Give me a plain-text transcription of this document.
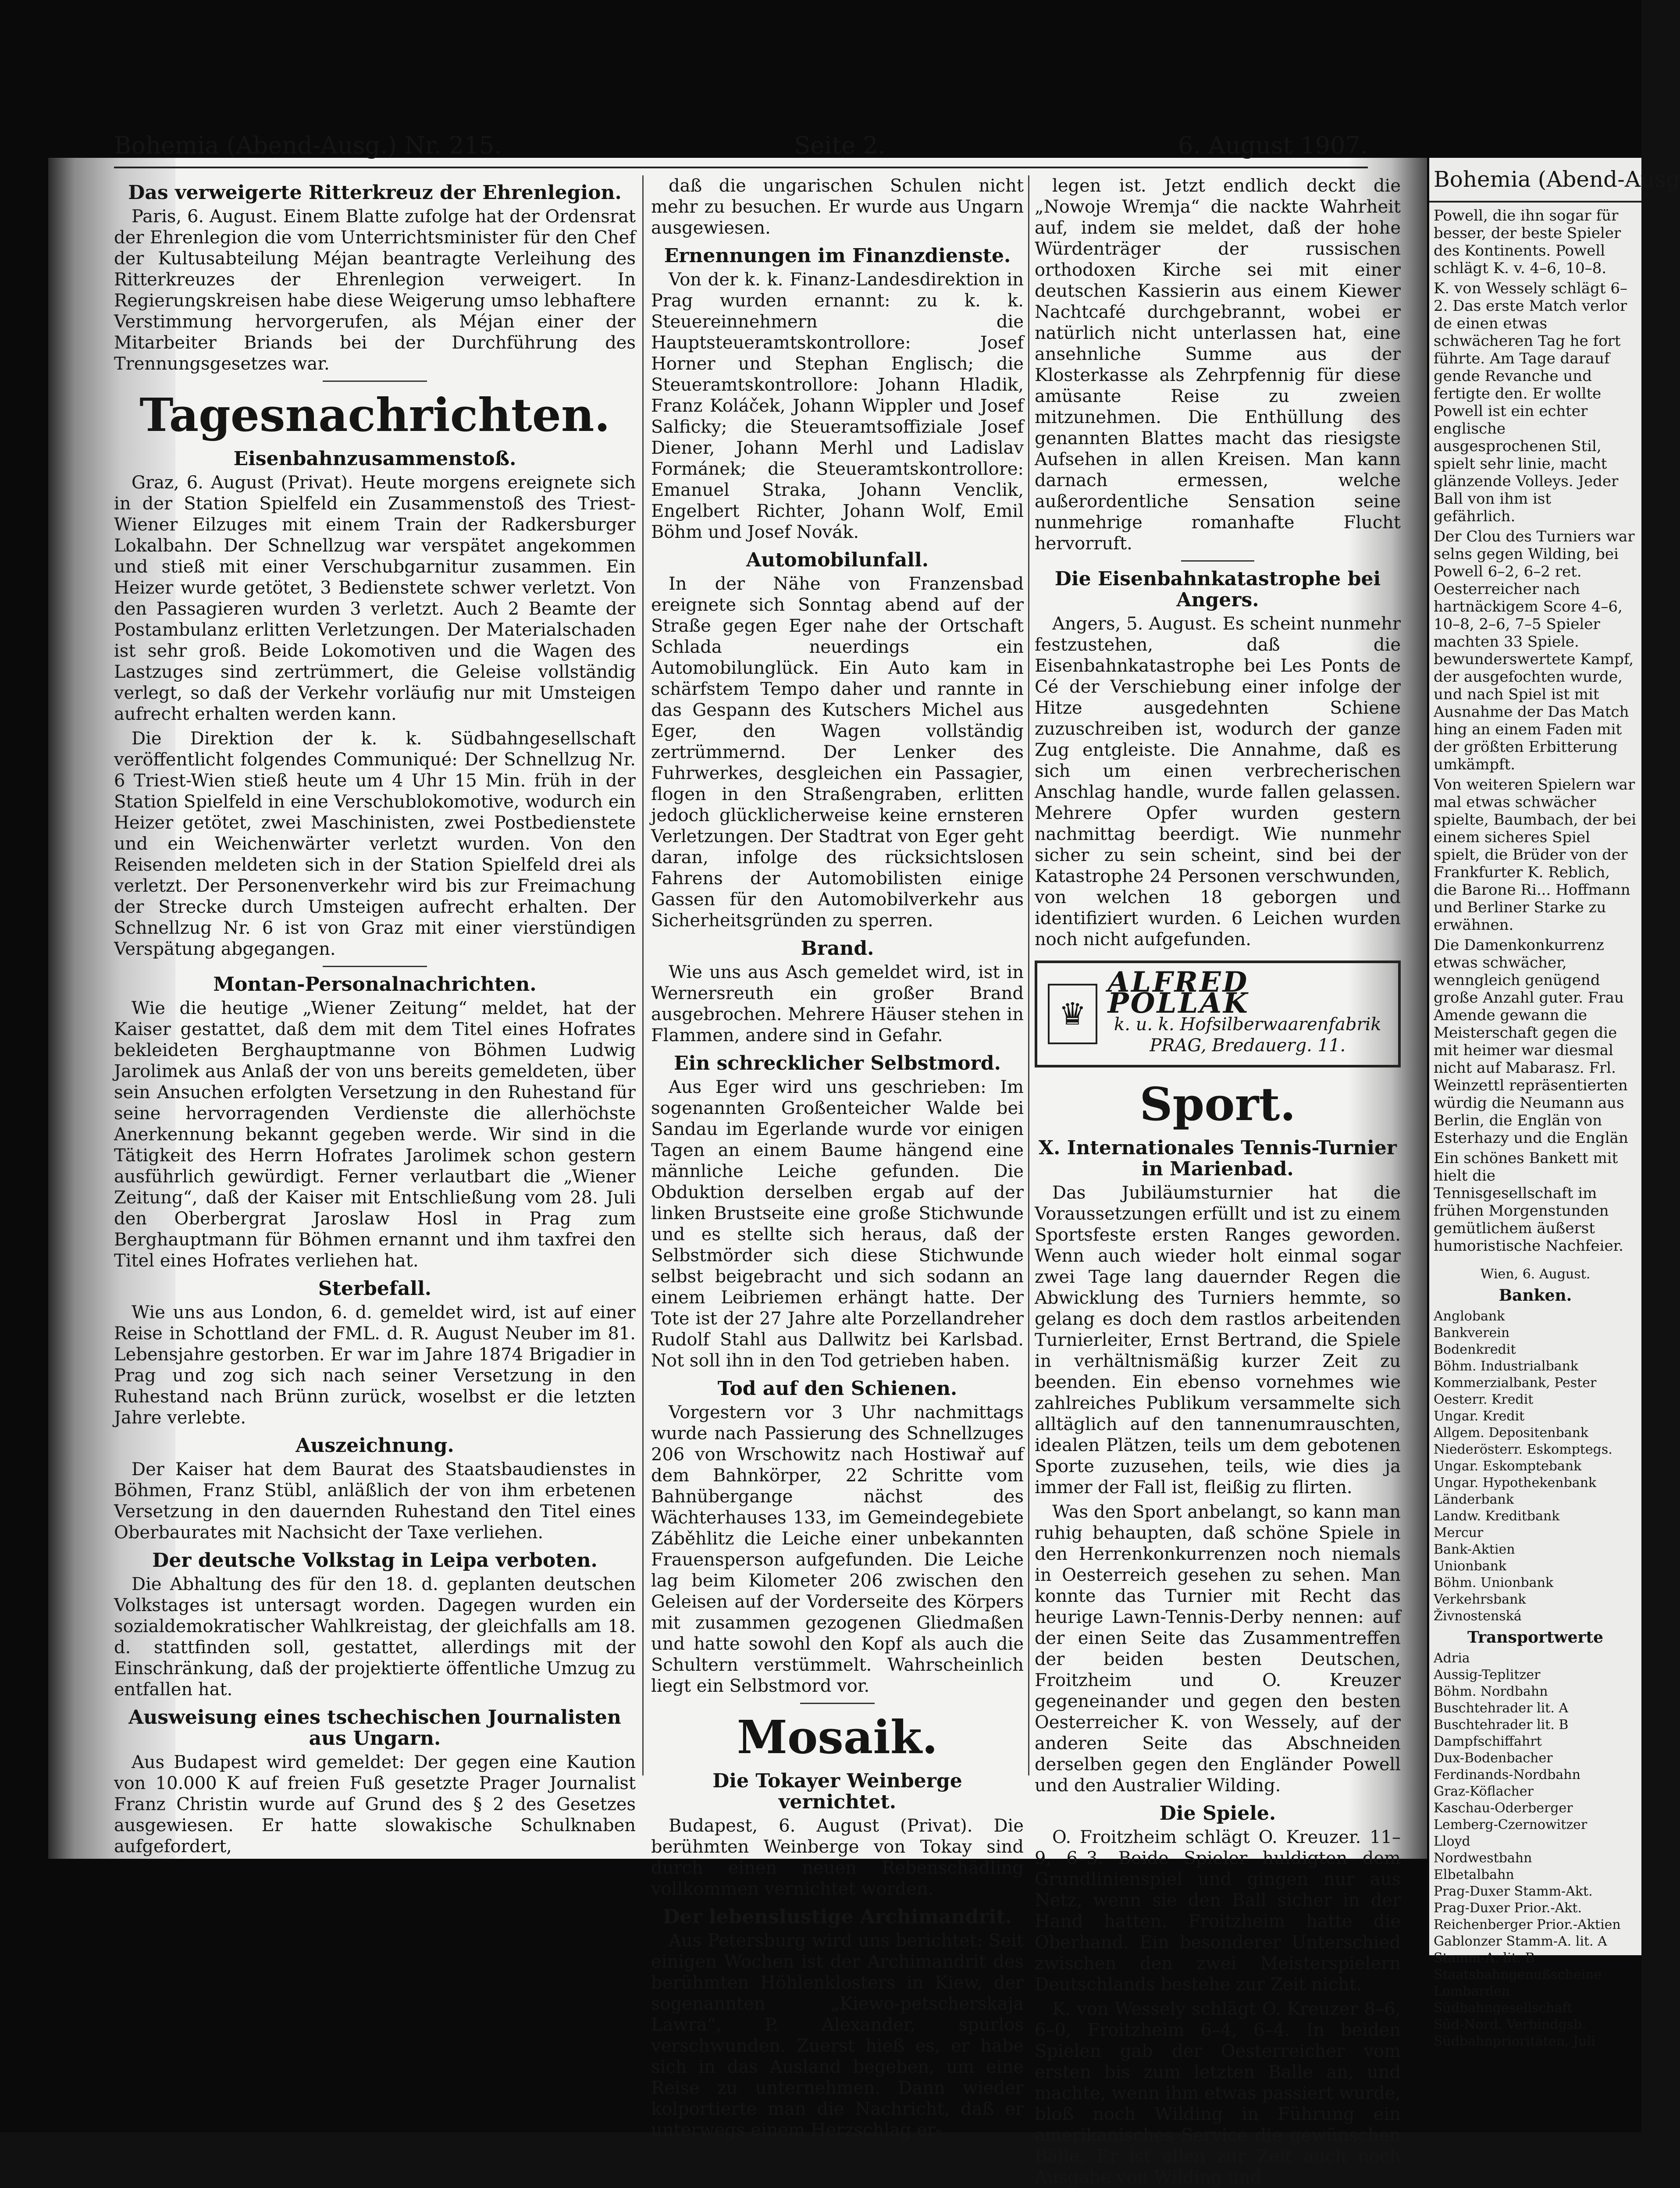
Bohemia (Abend-Ausg.) Nr. 215.	Seite 2.	6. August 1907.
Das verweigerte Ritterkreuz der Ehrenlegion.

Paris, 6. August. Einem Blatte zufolge hat der Ordensrat der Ehrenlegion die vom Unterrichtsminister für den Chef der Kultusabteilung Méjan beantragte Verleihung des Ritterkreuzes der Ehrenlegion verweigert. In Regierungskreisen habe diese Weigerung umso lebhaftere Verstimmung hervorgerufen, als Méjan einer der Mitarbeiter Briands bei der Durchführung des Trennungsgesetzes war.

Tagesnachrichten.
Eisenbahnzusammenstoß.

Graz, 6. August (Privat). Heute morgens ereignete sich in der Station Spielfeld ein Zusammenstoß des Triest-Wiener Eilzuges mit einem Train der Radkersburger Lokalbahn. Der Schnellzug war verspätet angekommen und stieß mit einer Verschubgarnitur zusammen. Ein Heizer wurde getötet, 3 Bedienstete schwer verletzt. Von den Passagieren wurden 3 verletzt. Auch 2 Beamte der Postambulanz erlitten Verletzungen. Der Materialschaden ist sehr groß. Beide Lokomotiven und die Wagen des Lastzuges sind zertrümmert, die Geleise vollständig verlegt, so daß der Verkehr vorläufig nur mit Umsteigen aufrecht erhalten werden kann.

Die Direktion der k. k. Südbahngesellschaft veröffentlicht folgendes Communiqué: Der Schnellzug Nr. 6 Triest-Wien stieß heute um 4 Uhr 15 Min. früh in der Station Spielfeld in eine Verschublokomotive, wodurch ein Heizer getötet, zwei Maschinisten, zwei Postbedienstete und ein Weichenwärter verletzt wurden. Von den Reisenden meldeten sich in der Station Spielfeld drei als verletzt. Der Personenverkehr wird bis zur Freimachung der Strecke durch Umsteigen aufrecht erhalten. Der Schnellzug Nr. 6 ist von Graz mit einer vierstündigen Verspätung abgegangen.

Montan-Personalnachrichten.

Wie die heutige „Wiener Zeitung“ meldet, hat der Kaiser gestattet, daß dem mit dem Titel eines Hofrates bekleideten Berghauptmanne von Böhmen Ludwig Jarolimek aus Anlaß der von uns bereits gemeldeten, über sein Ansuchen erfolgten Versetzung in den Ruhestand für seine hervorragenden Verdienste die allerhöchste Anerkennung bekannt gegeben werde. Wir sind in die Tätigkeit des Herrn Hofrates Jarolimek schon gestern ausführlich gewürdigt. Ferner verlautbart die „Wiener Zeitung“, daß der Kaiser mit Entschließung vom 28. Juli den Oberbergrat Jaroslaw Hosl in Prag zum Berghauptmann für Böhmen ernannt und ihm taxfrei den Titel eines Hofrates verliehen hat.

Sterbefall.

Wie uns aus London, 6. d. gemeldet wird, ist auf einer Reise in Schottland der FML. d. R. August Neuber im 81. Lebensjahre gestorben. Er war im Jahre 1874 Brigadier in Prag und zog sich nach seiner Versetzung in den Ruhestand nach Brünn zurück, woselbst er die letzten Jahre verlebte.

Auszeichnung.

Der Kaiser hat dem Baurat des Staatsbaudienstes in Böhmen, Franz Stübl, anläßlich der von ihm erbetenen Versetzung in den dauernden Ruhestand den Titel eines Oberbaurates mit Nachsicht der Taxe verliehen.

Der deutsche Volkstag in Leipa verboten.

Die Abhaltung des für den 18. d. geplanten deutschen Volkstages ist untersagt worden. Dagegen wurden ein sozialdemokratischer Wahlkreistag, der gleichfalls am 18. d. stattfinden soll, gestattet, allerdings mit der Einschränkung, daß der projektierte öffentliche Umzug zu entfallen hat.

Ausweisung eines tschechischen Journalisten aus Ungarn.

Aus Budapest wird gemeldet: Der gegen eine Kaution von 10.000 K auf freien Fuß gesetzte Prager Journalist Franz Christin wurde auf Grund des § 2 des Gesetzes ausgewiesen. Er hatte slowakische Schulknaben aufgefordert,

daß die ungarischen Schulen nicht mehr zu besuchen. Er wurde aus Ungarn ausgewiesen.

Ernennungen im Finanzdienste.

Von der k. k. Finanz-Landesdirektion in Prag wurden ernannt: zu k. k. Steuereinnehmern die Hauptsteueramtskontrollore: Josef Horner und Stephan Englisch; die Steueramtskontrollore: Johann Hladik, Franz Koláček, Johann Wippler und Josef Salficky; die Steueramtsoffiziale Josef Diener, Johann Merhl und Ladislav Formánek; die Steueramtskontrollore: Emanuel Straka, Johann Venclik, Engelbert Richter, Johann Wolf, Emil Böhm und Josef Novák.

Automobilunfall.

In der Nähe von Franzensbad ereignete sich Sonntag abend auf der Straße gegen Eger nahe der Ortschaft Schlada neuerdings ein Automobilunglück. Ein Auto kam in schärfstem Tempo daher und rannte in das Gespann des Kutschers Michel aus Eger, den Wagen vollständig zertrümmernd. Der Lenker des Fuhrwerkes, desgleichen ein Passagier, flogen in den Straßengraben, erlitten jedoch glücklicherweise keine ernsteren Verletzungen. Der Stadtrat von Eger geht daran, infolge des rücksichtslosen Fahrens der Automobilisten einige Gassen für den Automobilverkehr aus Sicherheitsgründen zu sperren.

Brand.

Wie uns aus Asch gemeldet wird, ist in Wernersreuth ein großer Brand ausgebrochen. Mehrere Häuser stehen in Flammen, andere sind in Gefahr.

Ein schrecklicher Selbstmord.

Aus Eger wird uns geschrieben: Im sogenannten Großenteicher Walde bei Sandau im Egerlande wurde vor einigen Tagen an einem Baume hängend eine männliche Leiche gefunden. Die Obduktion derselben ergab auf der linken Brustseite eine große Stichwunde und es stellte sich heraus, daß der Selbstmörder sich diese Stichwunde selbst beigebracht und sich sodann an einem Leibriemen erhängt hatte. Der Tote ist der 27 Jahre alte Porzellandreher Rudolf Stahl aus Dallwitz bei Karlsbad. Not soll ihn in den Tod getrieben haben.

Tod auf den Schienen.

Vorgestern vor 3 Uhr nachmittags wurde nach Passierung des Schnellzuges 206 von Wrschowitz nach Hostiwař auf dem Bahnkörper, 22 Schritte vom Bahnübergange nächst des Wächterhauses 133, im Gemeindegebiete Záběhlitz die Leiche einer unbekannten Frauensperson aufgefunden. Die Leiche lag beim Kilometer 206 zwischen den Geleisen auf der Vorderseite des Körpers mit zusammen gezogenen Gliedmaßen und hatte sowohl den Kopf als auch die Schultern verstümmelt. Wahrscheinlich liegt ein Selbstmord vor.

Mosaik.
Die Tokayer Weinberge vernichtet.

Budapest, 6. August (Privat). Die berühmten Weinberge von Tokay sind durch einen neuen Rebenschädling vollkommen vernichtet worden.

Der lebenslustige Archimandrit.

Aus Petersburg wird uns berichtet: Seit einigen Wochen ist der Archimandrit des berühmten Höhlenklosters in Kiew, der sogenannten „Kiewo-petscherskaja Lawra“, P. Alexander, spurlos verschwunden. Zuerst hieß es, er habe sich in das Ausland begeben, um eine Reise zu unternehmen. Dann wieder kolportierte man die Nachricht, daß er unterwegs einem Herzschlag er-

legen ist. Jetzt endlich deckt die „Nowoje Wremja“ die nackte Wahrheit auf, indem sie meldet, daß der hohe Würdenträger der russischen orthodoxen Kirche sei mit einer deutschen Kassierin aus einem Kiewer Nachtcafé durchgebrannt, wobei er natürlich nicht unterlassen hat, eine ansehnliche Summe aus der Klosterkasse als Zehrpfennig für diese amüsante Reise zu zweien mitzunehmen. Die Enthüllung des genannten Blattes macht das riesigste Aufsehen in allen Kreisen. Man kann darnach ermessen, welche außerordentliche Sensation seine nunmehrige romanhafte Flucht hervorruft.

Die Eisenbahnkatastrophe bei Angers.

Angers, 5. August. Es scheint nunmehr festzustehen, daß die Eisenbahnkatastrophe bei Les Ponts de Cé der Verschiebung einer infolge der Hitze ausgedehnten Schiene zuzuschreiben ist, wodurch der ganze Zug entgleiste. Die Annahme, daß es sich um einen verbrecherischen Anschlag handle, wurde fallen gelassen. Mehrere Opfer wurden gestern nachmittag beerdigt. Wie nunmehr sicher zu sein scheint, sind bei der Katastrophe 24 Personen verschwunden, von welchen 18 geborgen und identifiziert wurden. 6 Leichen wurden noch nicht aufgefunden.

♛
ALFRED POLLAK
k. u. k. Hofsilberwaarenfabrik
PRAG, Bredauerg. 11.
Sport.
X. Internationales Tennis-Turnier in Marienbad.

Das Jubiläumsturnier hat die Voraussetzungen erfüllt und ist zu einem Sportsfeste ersten Ranges geworden. Wenn auch wieder holt einmal sogar zwei Tage lang dauernder Regen die Abwicklung des Turniers hemmte, so gelang es doch dem rastlos arbeitenden Turnierleiter, Ernst Bertrand, die Spiele in verhältnismäßig kurzer Zeit zu beenden. Ein ebenso vornehmes wie zahlreiches Publikum versammelte sich alltäglich auf den tannenumrauschten, idealen Plätzen, teils um dem gebotenen Sporte zuzusehen, teils, wie dies ja immer der Fall ist, fleißig zu flirten.

Was den Sport anbelangt, so kann man ruhig behaupten, daß schöne Spiele in den Herrenkonkurrenzen noch niemals in Oesterreich gesehen zu sehen. Man konnte das Turnier mit Recht das heurige Lawn-Tennis-Derby nennen: auf der einen Seite das Zusammentreffen der beiden besten Deutschen, Froitzheim und O. Kreuzer gegeneinander und gegen den besten Oesterreicher K. von Wessely, auf der anderen Seite das Abschneiden derselben gegen den Engländer Powell und den Australier Wilding.

Die Spiele.

O. Froitzheim schlägt O. Kreuzer. 11–9, 6–3. Beide Spieler huldigten dem Grundlinienspiel und gingen nur aus Netz, wenn sie den Ball sicher in der Hand hatten. Froitzheim hatte die Oberhand. Ein besonderer Unterschied zwischen den zwei Meisterspielern Deutschlands bestehe zur Zeit nicht.

K. von Wessely schlägt O. Kreuzer 8–6, 6–0, Froitzheim 6–4, 6–4. In beiden Spielen gab der Oesterreicher vom ersten bis zum letzten Balle an, und machte, wenn ihm etwas passiert wurde, bloß noch Wilding in Führung ein amerikanisches Service die gewünschen Bälle. Er ist allen zur Zeit auch noch Ausgabe von Wilding und

Bohemia (Abend-Ausg

Powell, die ihn sogar für besser, der beste Spieler des Kontinents. Powell schlägt K. v. 4–6, 10–8.

K. von Wessely schlägt 6–2. Das erste Match verlor de einen etwas schwächeren Tag he fort führte. Am Tage darauf gende Revanche und fertigte den. Er wollte Powell ist ein echter englische ausgesprochenen Stil, spielt sehr linie, macht glänzende Volleys. Jeder Ball von ihm ist gefährlich.

Der Clou des Turniers war selns gegen Wilding, bei Powell 6–2, 6–2 ret. Oesterreicher nach hartnäckigem Score 4–6, 10–8, 2–6, 7–5 Spieler machten 33 Spiele. bewunderswertete Kampf, der ausgefochten wurde, und nach Spiel ist mit Ausnahme der Das Match hing an einem Faden mit der größten Erbitterung umkämpft.

Von weiteren Spielern war mal etwas schwächer spielte, Baumbach, der bei einem sicheres Spiel spielt, die Brüder von der Frankfurter K. Reblich, die Barone Ri... Hoffmann und Berliner Starke zu erwähnen.

Die Damenkonkurrenz etwas schwächer, wenngleich genügend große Anzahl guter. Frau Amende gewann die Meisterschaft gegen die mit heimer war diesmal nicht auf Mabarasz. Frl. Weinzettl repräsentierten würdig die Neumann aus Berlin, die Englän von Esterhazy und die Englän

Ein schönes Bankett mit hielt die Tennisgesellschaft im frühen Morgenstunden gemütlichem äußerst humoristische Nachfeier.

Wien, 6. August.
Banken.
Anglobank
Bankverein
Bodenkredit
Böhm. Industrialbank
Kommerzialbank, Pester
Oesterr. Kredit
Ungar. Kredit
Allgem. Depositenbank
Niederösterr. Eskomptegs.
Ungar. Eskomptebank
Ungar. Hypothekenbank
Länderbank
Landw. Kreditbank
Mercur
Bank-Aktien
Unionbank
Böhm. Unionbank
Verkehrsbank
Živnostenská
Transportwerte
Adria
Aussig-Teplitzer
Böhm. Nordbahn
Buschtehrader lit. A
Buschtehrader lit. B
Dampfschiffahrt
Dux-Bodenbacher
Ferdinands-Nordbahn
Graz-Köflacher
Kaschau-Oderberger
Lemberg-Czernowitzer
Lloyd
Nordwestbahn
Elbetalbahn
Prag-Duxer Stamm-Akt.
Prag-Duxer Prior.-Akt.
Reichenberger Prior.-Aktien
Gablonzer Stamm-A. lit. A
Stamm-A. lit. B
Staatsbahngenußscheine
Lombarden
Südbahngesellschaft
Süd-Nord. Verbindgsb.
Südbahnprioritäten, Juli
